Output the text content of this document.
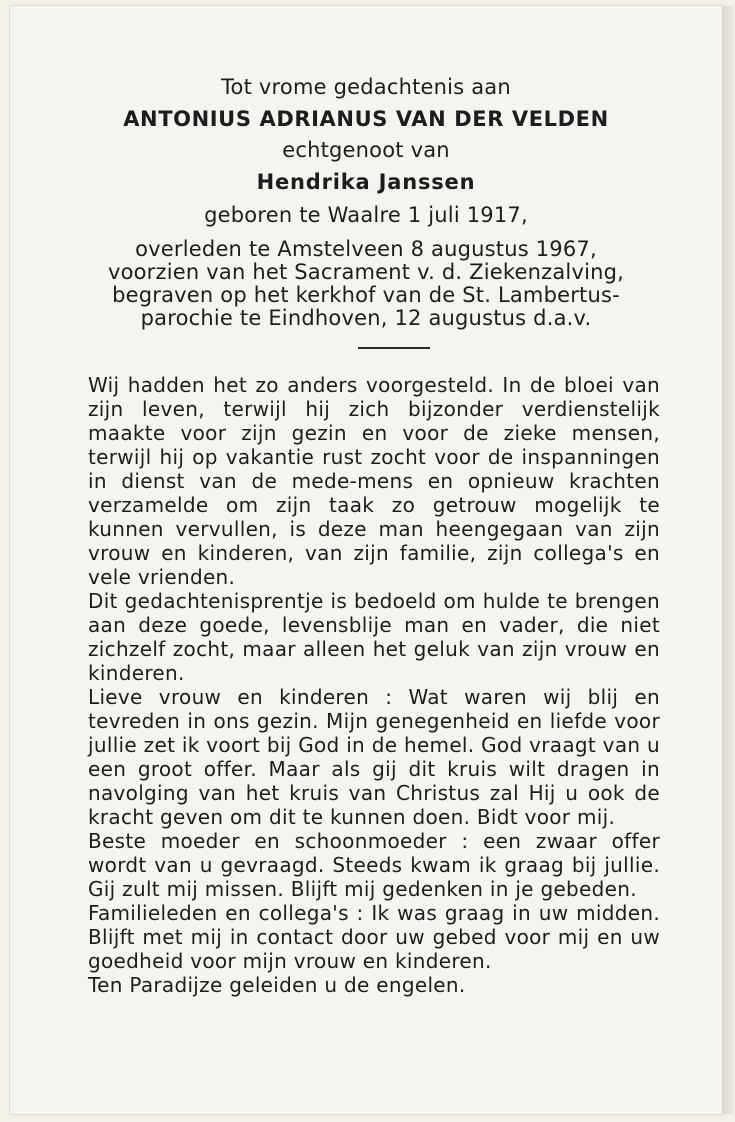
Tot vrome gedachtenis aan
ANTONIUS ADRIANUS VAN DER VELDEN
echtgenoot van
Hendrika Janssen
geboren te Waalre 1 juli 1917,
overleden te Amstelveen 8 augustus 1967,
voorzien van het Sacrament v. d. Ziekenzalving,
begraven op het kerkhof van de St. Lambertus-
parochie te Eindhoven, 12 augustus d.a.v.

Wij hadden het zo anders voorgesteld. In de bloei van zijn leven, terwijl hij zich bijzonder verdienstelijk maakte voor zijn gezin en voor de zieke mensen, terwijl hij op vakantie rust zocht voor de inspanningen in dienst van de mede-mens en opnieuw krachten verzamelde om zijn taak zo getrouw mogelijk te kunnen vervullen, is deze man heengegaan van zijn vrouw en kinderen, van zijn familie, zijn collega's en vele vrienden.

Dit gedachtenisprentje is bedoeld om hulde te brengen aan deze goede, levensblije man en vader, die niet zichzelf zocht, maar alleen het geluk van zijn vrouw en kinderen.

Lieve vrouw en kinderen : Wat waren wij blij en tevreden in ons gezin. Mijn genegenheid en liefde voor jullie zet ik voort bij God in de hemel. God vraagt van u een groot offer. Maar als gij dit kruis wilt dragen in navolging van het kruis van Christus zal Hij u ook de kracht geven om dit te kunnen doen. Bidt voor mij.

Beste moeder en schoonmoeder : een zwaar offer wordt van u gevraagd. Steeds kwam ik graag bij jullie. Gij zult mij missen. Blijft mij gedenken in je gebeden.

Familieleden en collega's : Ik was graag in uw midden. Blijft met mij in contact door uw gebed voor mij en uw goedheid voor mijn vrouw en kinderen.

Ten Paradijze geleiden u de engelen.
